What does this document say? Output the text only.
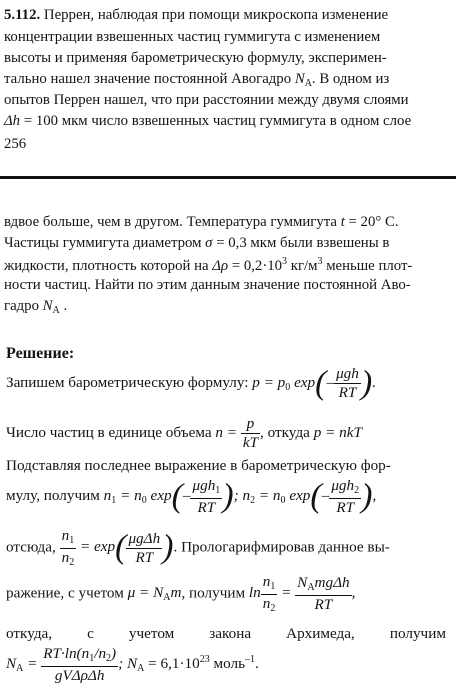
5.112. Перрен, наблюдая при помощи микроскопа изменение
концентрации взвешенных частиц гуммигута с изменением
высоты и применяя барометрическую формулу, эксперимен-
тально нашел значение постоянной Авогадро $N_A$. В одном из
опытов Перрен нашел, что при расстоянии между двумя слоями
Δh = 100 мкм число взвешенных частиц гуммигута в одном слое
256
вдвое больше, чем в другом. Температура гуммигута t = 20° С.
Частицы гуммигута диаметром σ = 0,3 мкм были взвешены в
жидкости, плотность которой на $\Delta\rho = 0,2\cdot 10^3$ $кг/м^3$ меньше плот-
ности частиц. Найти по этим данным значение постоянной Аво-
гадро $N_A$ .
Решение:
Запишем барометрическую формулу: $p = p_0$ $\exp(- \frac{\text{μgh}}{RT}$ ).
Число частиц в единице объема $n = \frac{p}{kT}$ , откуда p = nkT
Подставляя последнее выражение в барометрическую фор-
мулу, получим $n_1 = n_0$ $\exp(- \frac{\mu gh_1}{RT}$ ); $n_2 = n_0$ $\exp(- \frac{\mu gh_2}{RT}$ ),
отсюда, $\frac{n_1}{n_2} = \exp( \frac{\text{μgΔh}}{RT}$ ). Прологарифмировав данное вы-
ражение, с учетом $\mu = N_Am$, получим $\ln \frac{n_1}{n_2} = \frac{N_Amg\Delta h}{RT}$ ,
откуда, с учетом закона Архимеда, получим
$N_A = \frac{RT\cdot\ln(n_1/n_2)}{\text{gVΔρΔh}}$ ; $N_A = 6,1\cdot 10^{23}$ моль$^{-1}$.
